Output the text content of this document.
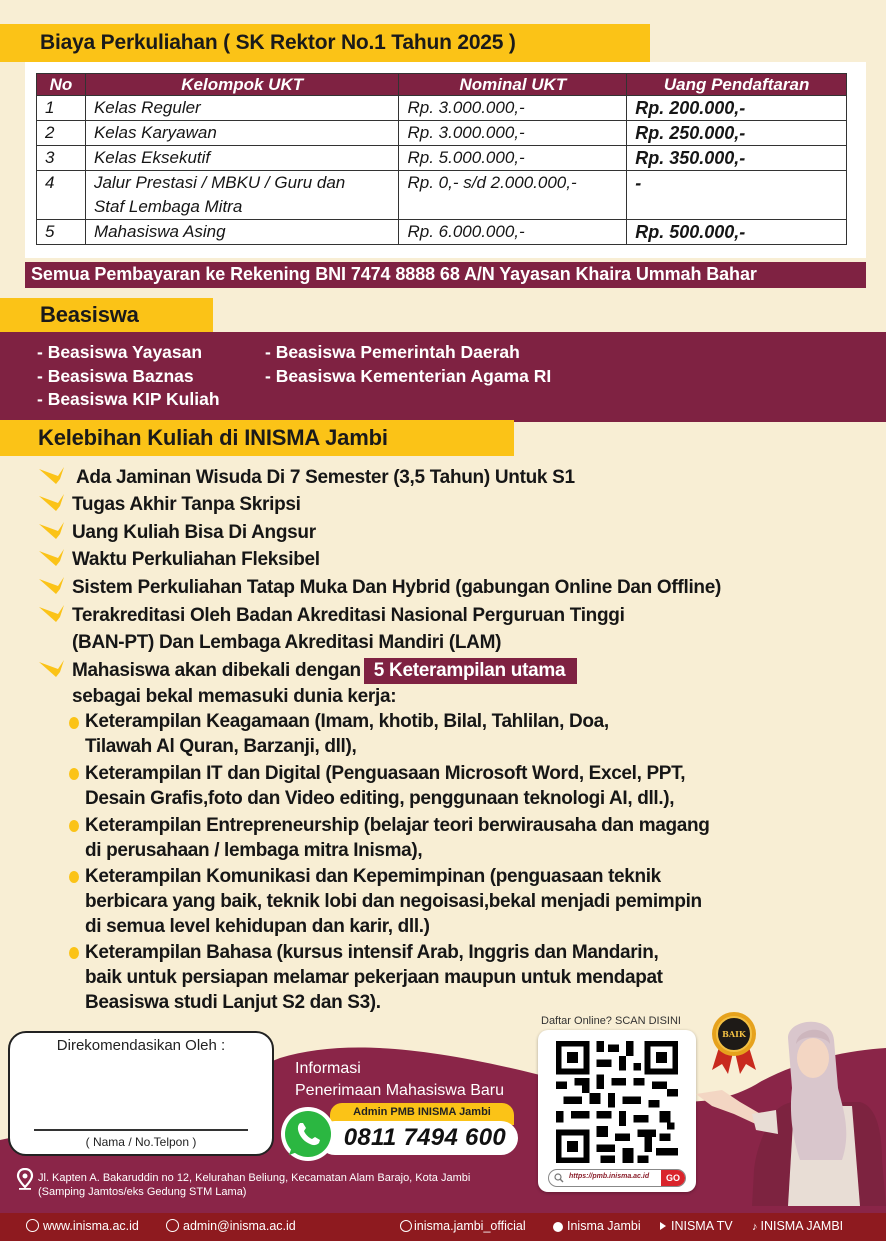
Biaya Perkuliahan ( SK Rektor No.1 Tahun 2025 )
No	Kelompok UKT	Nominal UKT	Uang Pendaftaran
1	Kelas Reguler	Rp. 3.000.000,-	Rp. 200.000,-
2	Kelas Karyawan	Rp. 3.000.000,-	Rp. 250.000,-
3	Kelas Eksekutif	Rp. 5.000.000,-	Rp. 350.000,-
4	Jalur Prestasi / MBKU / Guru dan
Staf Lembaga Mitra	Rp. 0,- s/d 2.000.000,-	-
5	Mahasiswa Asing	Rp. 6.000.000,-	Rp. 500.000,-
Semua Pembayaran ke Rekening BNI 7474 8888 68 A/N Yayasan Khaira Ummah Bahar
Beasiswa
- Beasiswa Yayasan
- Beasiswa Baznas
- Beasiswa KIP Kuliah
- Beasiswa Pemerintah Daerah
- Beasiswa Kementerian Agama RI
Kelebihan Kuliah di INISMA Jambi
Ada Jaminan Wisuda Di 7 Semester (3,5 Tahun) Untuk S1
Tugas Akhir Tanpa Skripsi
Uang Kuliah Bisa Di Angsur
Waktu Perkuliahan Fleksibel
Sistem Perkuliahan Tatap Muka Dan Hybrid (gabungan Online Dan Offline)
Terakreditasi Oleh Badan Akreditasi Nasional Perguruan Tinggi
(BAN-PT) Dan Lembaga Akreditasi Mandiri (LAM)
Mahasiswa akan dibekali dengan 5 Keterampilan utama
sebagai bekal memasuki dunia kerja:
Keterampilan Keagamaan (Imam, khotib, Bilal, Tahlilan, Doa,
Tilawah Al Quran, Barzanji, dll),
Keterampilan IT dan Digital (Penguasaan Microsoft Word, Excel, PPT,
Desain Grafis,foto dan Video editing, penggunaan teknologi AI, dll.),
Keterampilan Entrepreneurship (belajar teori berwirausaha dan magang
di perusahaan / lembaga mitra Inisma),
Keterampilan Komunikasi dan Kepemimpinan (penguasaan teknik
berbicara yang baik, teknik lobi dan negoisasi,bekal menjadi pemimpin
di semua level kehidupan dan karir, dll.)
Keterampilan Bahasa (kursus intensif Arab, Inggris dan Mandarin,
baik untuk persiapan melamar pekerjaan maupun untuk mendapat
Beasiswa studi Lanjut S2 dan S3).
Direkomendasikan Oleh :
( Nama / No.Telpon )
Informasi
Penerimaan Mahasiswa Baru
Admin PMB INISMA Jambi
0811 7494 600
Jl. Kapten A. Bakaruddin no 12, Kelurahan Beliung, Kecamatan Alam Barajo, Kota Jambi
(Samping Jamtos/eks Gedung STM Lama)
Daftar Online? SCAN DISINI
https://pmb.inisma.ac.id	GO
BAIK
www.inisma.ac.id	admin@inisma.ac.id	inisma.jambi_official	Inisma Jambi	INISMA TV ♪ INISMA JAMBI
